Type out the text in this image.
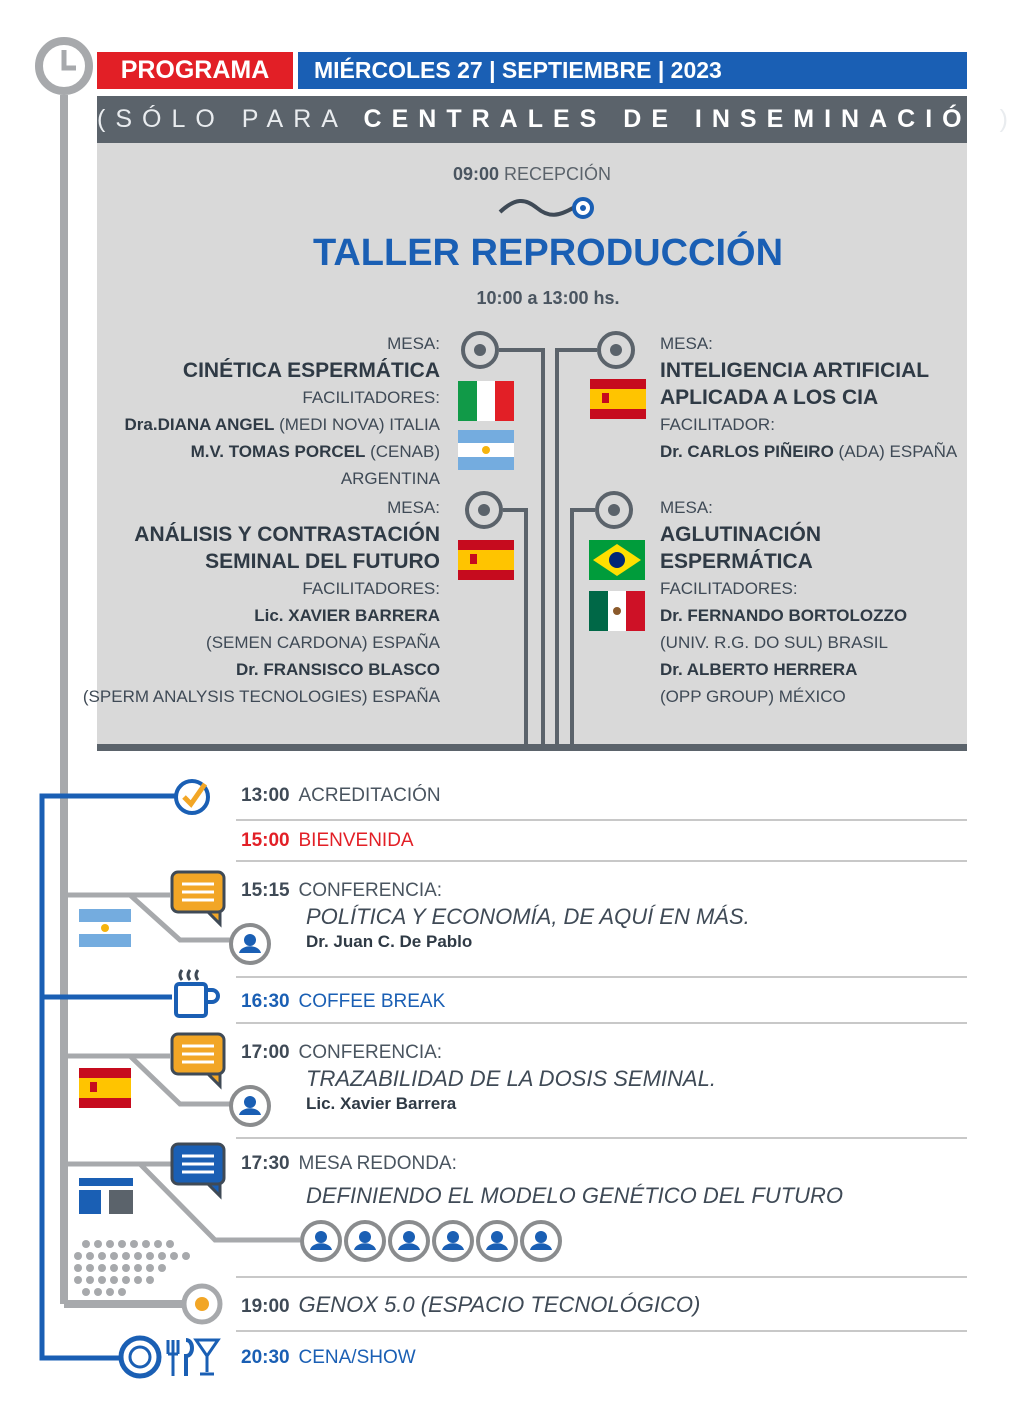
PROGRAMA	MIÉRCOLES 27 | SEPTIEMBRE | 2023
(SÓLO PARA CENTRALES DE INSEMINACIÓN)
09:00 RECEPCIÓN
TALLER REPRODUCCIÓN
10:00 a 13:00 hs.
MESA:
CINÉTICA ESPERMÁTICA
FACILITADORES:
Dra.DIANA ANGEL (MEDI NOVA) ITALIA
M.V. TOMAS PORCEL (CENAB) ARGENTINA
MESA:
INTELIGENCIA ARTIFICIAL
APLICADA A LOS CIA
FACILITADOR:
Dr. CARLOS PIÑEIRO (ADA) ESPAÑA
MESA:
ANÁLISIS Y CONTRASTACIÓN
SEMINAL DEL FUTURO
FACILITADORES:
Lic. XAVIER BARRERA
(SEMEN CARDONA) ESPAÑA
Dr. FRANSISCO BLASCO
(SPERM ANALYSIS TECNOLOGIES) ESPAÑA
MESA:
AGLUTINACIÓN ESPERMÁTICA
FACILITADORES:
Dr. FERNANDO BORTOLOZZO
(UNIV. R.G. DO SUL) BRASIL
Dr. ALBERTO HERRERA
(OPP GROUP) MÉXICO
13:00 ACREDITACIÓN
15:00 BIENVENIDA
15:15 CONFERENCIA:
POLÍTICA Y ECONOMÍA, DE AQUÍ EN MÁS.
Dr. Juan C. De Pablo
16:30 COFFEE BREAK
17:00 CONFERENCIA:
TRAZABILIDAD DE LA DOSIS SEMINAL.
Lic. Xavier Barrera
17:30 MESA REDONDA:
DEFINIENDO EL MODELO GENÉTICO DEL FUTURO
19:00 GENOX 5.0 (ESPACIO TECNOLÓGICO)
20:30 CENA/SHOW
